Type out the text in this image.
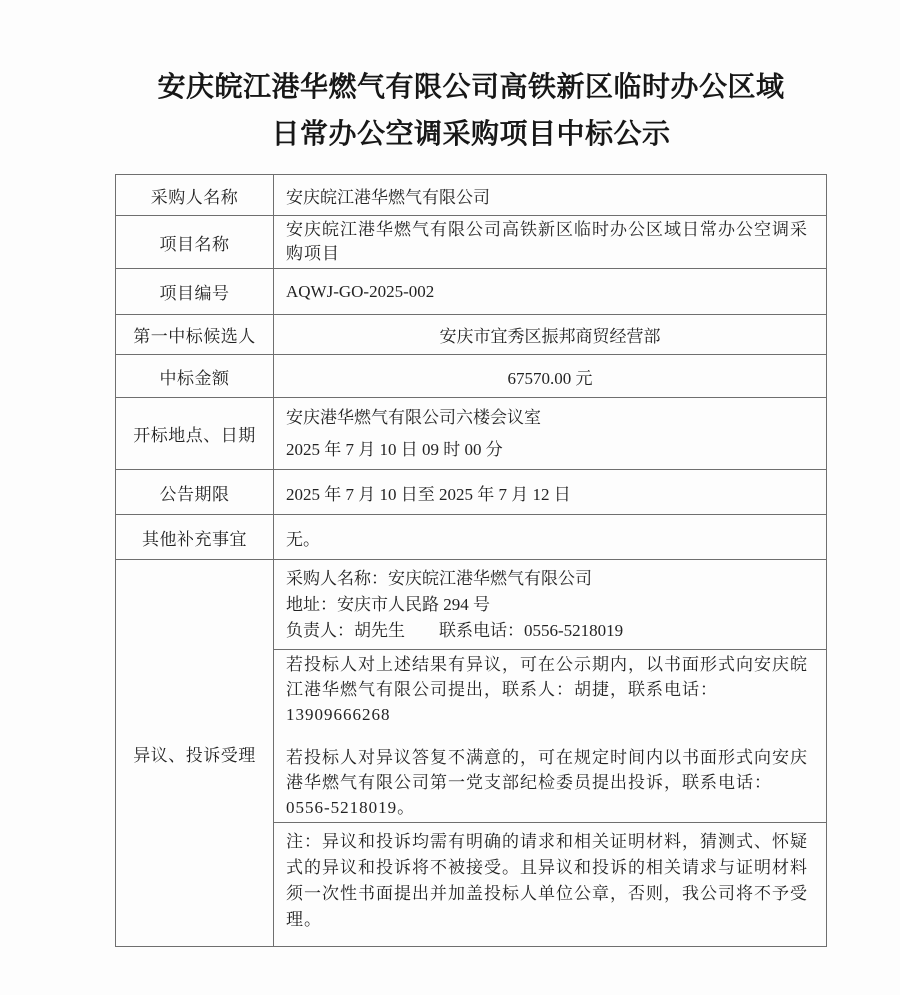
安庆皖江港华燃气有限公司高铁新区临时办公区域
日常办公空调采购项目中标公示
采购人名称	安庆皖江港华燃气有限公司
项目名称	安庆皖江港华燃气有限公司高铁新区临时办公区域日常办公空调采购项目
项目编号	AQWJ-GO-2025-002
第一中标候选人	安庆市宜秀区振邦商贸经营部
中标金额	67570.00 元
开标地点、日期	安庆港华燃气有限公司六楼会议室

2025 年 7 月 10 日 09 时 00 分

公告期限	2025 年 7 月 10 日至 2025 年 7 月 12 日
其他补充事宜	无。
异议、投诉受理	采购人名称：安庆皖江港华燃气有限公司
地址：安庆市人民路 294 号
负责人：胡先生　　联系电话：0556-5218019

	若投标人对上述结果有异议，可在公示期内，以书面形式向安庆皖江港华燃气有限公司提出，联系人：胡捷，联系电话：13909666268

若投标人对异议答复不满意的，可在规定时间内以书面形式向安庆港华燃气有限公司第一党支部纪检委员提出投诉，联系电话：0556-5218019。

	注：异议和投诉均需有明确的请求和相关证明材料，猜测式、怀疑式的异议和投诉将不被接受。且异议和投诉的相关请求与证明材料须一次性书面提出并加盖投标人单位公章，否则，我公司将不予受理。
